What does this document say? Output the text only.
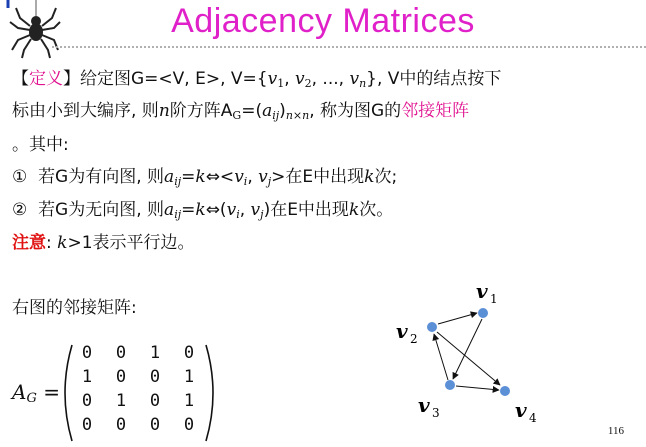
Adjacency Matrices
【定义】给定图G=<V, E>, $V=\{v_1$, $v_2$, ..., $v_n$}, V中的结点按下
标由小到大编序, 则n阶方阵$A_G=(a_{ij})_{n\times n}$, 称为图G的邻接矩阵
。其中:
① 若G为有向图, 则$a_{ij}=k\Leftrightarrow<v_i$, $v_j>$在E中出现k次;
② 若G为无向图, 则$a_{ij}=k\Leftrightarrow(v_i$, $v_j$)在E中出现k次。
注意: k>1表示平行边。
右图的邻接矩阵:
$A_G$ =
0	0	1	0
1	0	0	1
0	1	0	1
0	0	0	0
v 1
v 2
v 3	v 4
116
